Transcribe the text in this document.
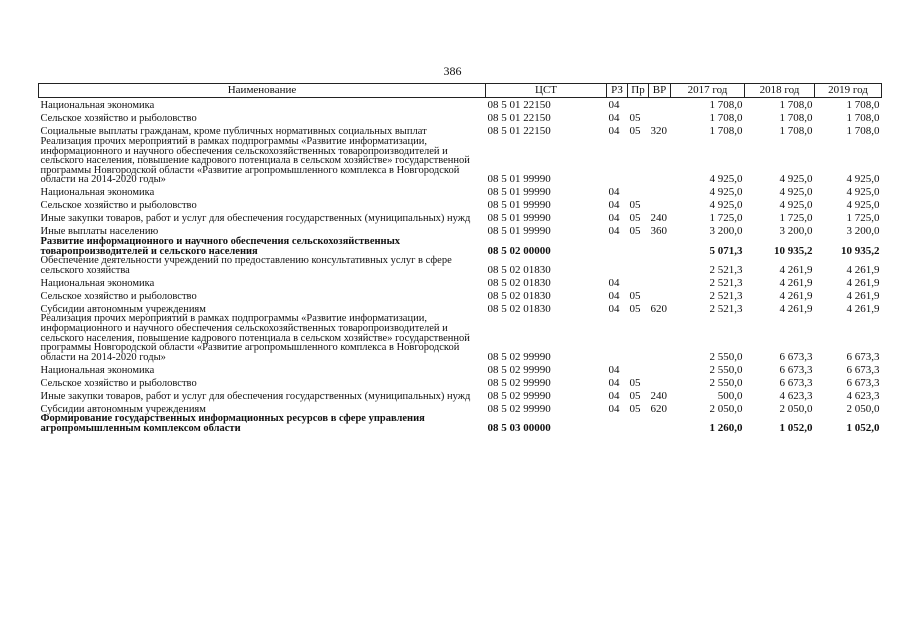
386
Наименование	ЦСТ	РЗ	Пр	ВР	2017 год	2018 год	2019 год
Национальная экономика	08 5 01 22150	04			1 708,0	1 708,0	1 708,0
Сельское хозяйство и рыболовство	08 5 01 22150	04	05		1 708,0	1 708,0	1 708,0
Социальные выплаты гражданам, кроме публичных нормативных социальных выплат	08 5 01 22150	04	05	320	1 708,0	1 708,0	1 708,0
Реализация прочих мероприятий в рамках подпрограммы «Развитие информатизации, информационного и научного обеспечения сельскохозяйственных товаропроизводителей и сельского населения, повышение кадрового потенциала в сельском хозяйстве» государственной программы Новгородской области «Развитие агропромышленного комплекса в Новгородской области на 2014-2020 годы»	08 5 01 99990				4 925,0	4 925,0	4 925,0
Национальная экономика	08 5 01 99990	04			4 925,0	4 925,0	4 925,0
Сельское хозяйство и рыболовство	08 5 01 99990	04	05		4 925,0	4 925,0	4 925,0
Иные закупки товаров, работ и услуг для обеспечения государственных (муниципальных) нужд	08 5 01 99990	04	05	240	1 725,0	1 725,0	1 725,0
Иные выплаты населению	08 5 01 99990	04	05	360	3 200,0	3 200,0	3 200,0
Развитие информационного и научного обеспечения сельскохозяйственных товаропроизводителей и сельского населения	08 5 02 00000				5 071,3	10 935,2	10 935,2
Обеспечение деятельности учреждений по предоставлению консультативных услуг в сфере сельского хозяйства	08 5 02 01830				2 521,3	4 261,9	4 261,9
Национальная экономика	08 5 02 01830	04			2 521,3	4 261,9	4 261,9
Сельское хозяйство и рыболовство	08 5 02 01830	04	05		2 521,3	4 261,9	4 261,9
Субсидии автономным учреждениям	08 5 02 01830	04	05	620	2 521,3	4 261,9	4 261,9
Реализация прочих мероприятий в рамках подпрограммы «Развитие информатизации, информационного и научного обеспечения сельскохозяйственных товаропроизводителей и сельского населения, повышение кадрового потенциала в сельском хозяйстве» государственной программы Новгородской области «Развитие агропромышленного комплекса в Новгородской области на 2014-2020 годы»	08 5 02 99990				2 550,0	6 673,3	6 673,3
Национальная экономика	08 5 02 99990	04			2 550,0	6 673,3	6 673,3
Сельское хозяйство и рыболовство	08 5 02 99990	04	05		2 550,0	6 673,3	6 673,3
Иные закупки товаров, работ и услуг для обеспечения государственных (муниципальных) нужд	08 5 02 99990	04	05	240	500,0	4 623,3	4 623,3
Субсидии автономным учреждениям	08 5 02 99990	04	05	620	2 050,0	2 050,0	2 050,0
Формирование государственных информационных ресурсов в сфере управления агропромышленным комплексом области	08 5 03 00000				1 260,0	1 052,0	1 052,0
